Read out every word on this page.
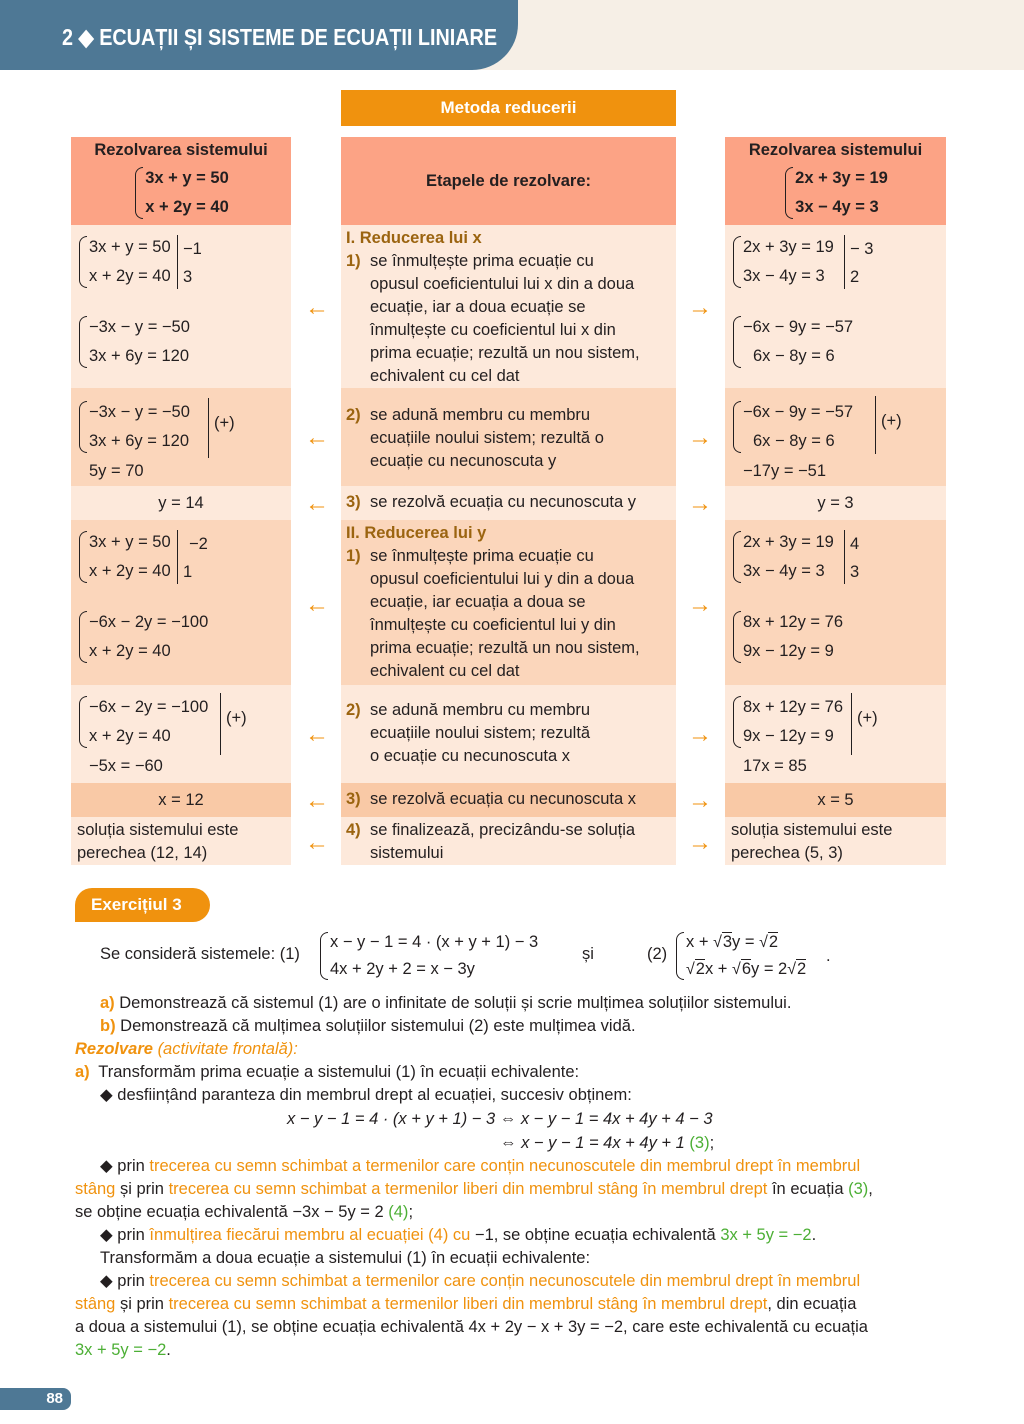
2 ◆ ECUAȚII ȘI SISTEME DE ECUAȚII LINIARE
Metoda reducerii
Rezolvarea sistemului
3x + y = 50
x + 2y = 40
3x + y = 50
x + 2y = 40
−1
3
−3x − y = −50
3x + 6y = 120
−3x − y = −50
3x + 6y = 120
(+)
5y = 70
y = 14
3x + y = 50
x + 2y = 40
−2
1
−6x − 2y = −100
x + 2y = 40
−6x − 2y = −100
x + 2y = 40
(+)
−5x = −60
x = 12
soluția sistemului este
perechea (12, 14)
Etapele de rezolvare:
I. Reducerea lui x
1) se înmulțește prima ecuație cu
opusul coeficientului lui x din a doua
ecuație, iar a doua ecuație se
înmulțește cu coeficientul lui x din
prima ecuație; rezultă un nou sistem,
echivalent cu cel dat
2) se adună membru cu membru
ecuațiile noului sistem; rezultă o
ecuație cu necunoscuta y
3) se rezolvă ecuația cu necunoscuta y
II. Reducerea lui y
1) se înmulțește prima ecuație cu
opusul coeficientului lui y din a doua
ecuație, iar ecuația a doua se
înmulțește cu coeficientul lui y din
prima ecuație; rezultă un nou sistem,
echivalent cu cel dat
2) se adună membru cu membru
ecuațiile noului sistem; rezultă
o ecuație cu necunoscuta x
3) se rezolvă ecuația cu necunoscuta x
4) se finalizează, precizându-se soluția
sistemului
Rezolvarea sistemului
2x + 3y = 19
3x − 4y = 3
2x + 3y = 19
3x − 4y = 3
− 3
2
−6x − 9y = −57
6x − 8y = 6
−6x − 9y = −57
6x − 8y = 6
(+)
−17y = −51
y = 3
2x + 3y = 19
3x − 4y = 3
4
3
8x + 12y = 76
9x − 12y = 9
8x + 12y = 76
9x − 12y = 9
(+)
17x = 85
x = 5
soluția sistemului este
perechea (5, 3)
←
←
←
←
←
←
←
→
→
→
→
→
→
→
Exercițiul 3
Se consideră sistemele: (1)
x − y − 1 = 4 · (x + y + 1) − 3
4x + 2y + 2 = x − 3y
și	(2)
x + √3y = √2
√2x + √6y = 2√2
.
a) Demonstrează că sistemul (1) are o infinitate de soluții și scrie mulțimea soluțiilor sistemului.
b) Demonstrează că mulțimea soluțiilor sistemului (2) este mulțimea vidă.
Rezolvare (activitate frontală):
a) Transformăm prima ecuație a sistemului (1) în ecuații echivalente:
◆ desființând paranteza din membrul drept al ecuației, succesiv obținem:
x − y − 1 = 4 · (x + y + 1) − 3 ⇔ x − y − 1 = 4x + 4y + 4 − 3
⇔ x − y − 1 = 4x + 4y + 1 (3);
◆ prin trecerea cu semn schimbat a termenilor care conțin necunoscutele din membrul drept în membrul
stâng și prin trecerea cu semn schimbat a termenilor liberi din membrul stâng în membrul drept în ecuația (3),
se obține ecuația echivalentă −3x − 5y = 2 (4);
◆ prin înmulțirea fiecărui membru al ecuației (4) cu −1, se obține ecuația echivalentă 3x + 5y = −2.
Transformăm a doua ecuație a sistemului (1) în ecuații echivalente:
◆ prin trecerea cu semn schimbat a termenilor care conțin necunoscutele din membrul drept în membrul
stâng și prin trecerea cu semn schimbat a termenilor liberi din membrul stâng în membrul drept, din ecuația
a doua a sistemului (1), se obține ecuația echivalentă 4x + 2y − x + 3y = −2, care este echivalentă cu ecuația
3x + 5y = −2.
88
